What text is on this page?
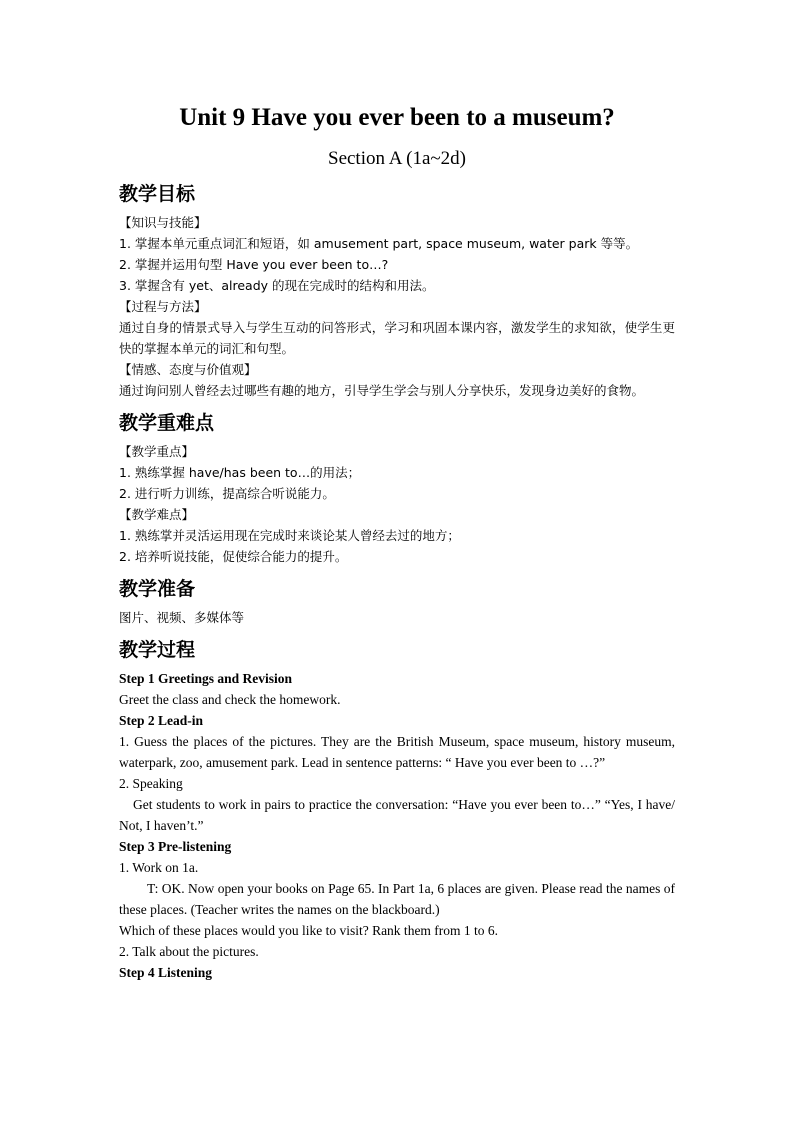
Unit 9 Have you ever been to a museum?
Section A (1a~2d)
教学目标

【知识与技能】

1. 掌握本单元重点词汇和短语，如 amusement part, space museum, water park 等等。

2. 掌握并运用句型 Have you ever been to…?

3. 掌握含有 yet、already 的现在完成时的结构和用法。

【过程与方法】

通过自身的情景式导入与学生互动的问答形式，学习和巩固本课内容，激发学生的求知欲，使学生更快的掌握本单元的词汇和句型。

【情感、态度与价值观】

通过询问别人曾经去过哪些有趣的地方，引导学生学会与别人分享快乐，发现身边美好的食物。

教学重难点

【教学重点】

1. 熟练掌握 have/has been to…的用法；

2. 进行听力训练，提高综合听说能力。

【教学难点】

1. 熟练掌并灵活运用现在完成时来谈论某人曾经去过的地方；

2. 培养听说技能，促使综合能力的提升。

教学准备

图片、视频、多媒体等

教学过程

Step 1 Greetings and Revision

Greet the class and check the homework.

Step 2 Lead-in

1. Guess the places of the pictures. They are the British Museum, space museum, history museum, waterpark, zoo, amusement park. Lead in sentence patterns: “ Have you ever been to …?”

2. Speaking

Get students to work in pairs to practice the conversation: “Have you ever been to…” “Yes, I have/ Not, I haven’t.”

Step 3 Pre-listening

1. Work on 1a.

T: OK. Now open your books on Page 65. In Part 1a, 6 places are given. Please read the names of these places. (Teacher writes the names on the blackboard.)

Which of these places would you like to visit? Rank them from 1 to 6.

2. Talk about the pictures.

Step 4 Listening
